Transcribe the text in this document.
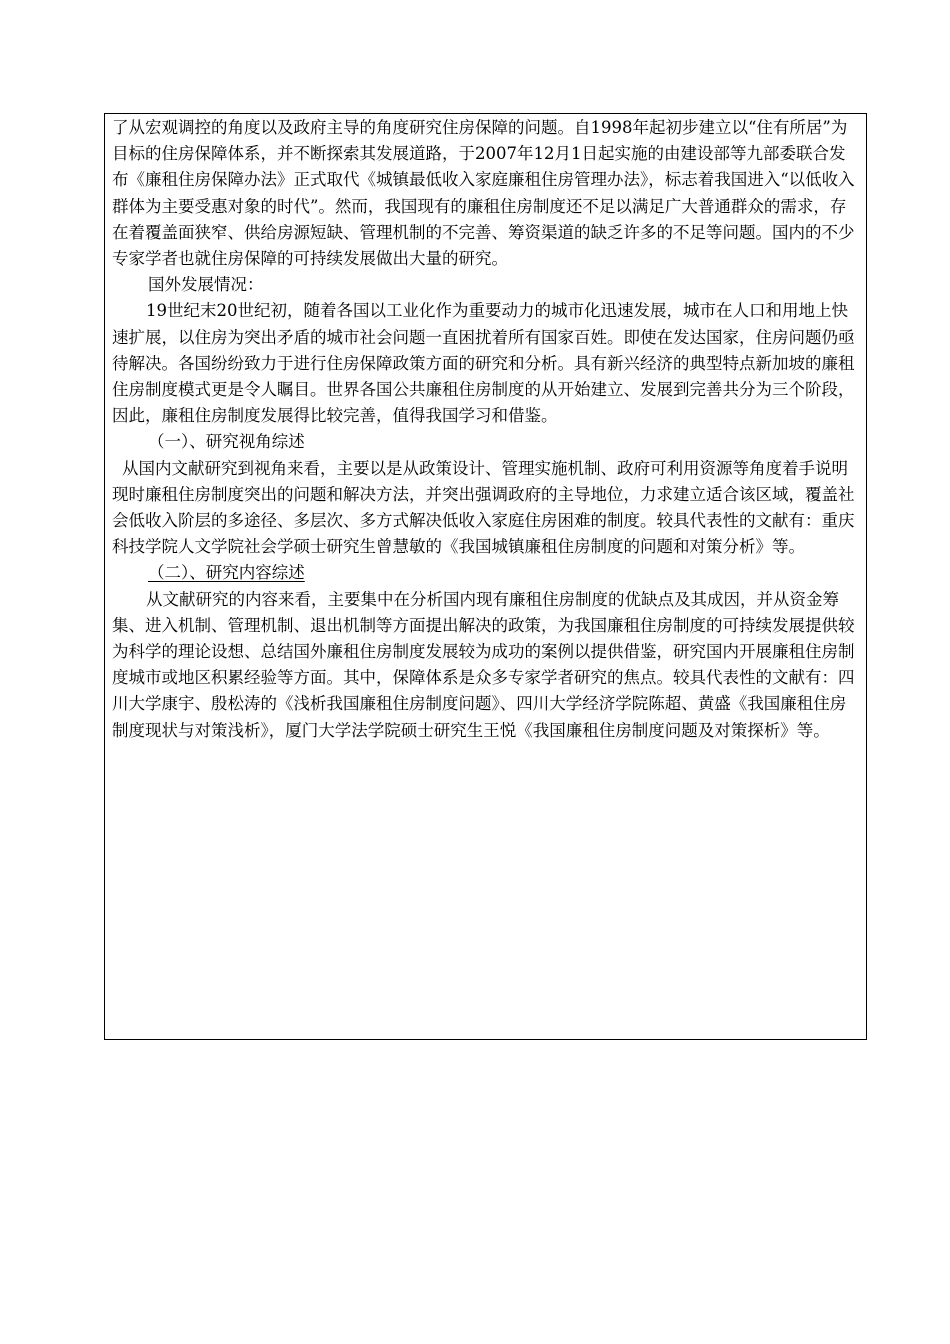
了从宏观调控的角度以及政府主导的角度研究住房保障的问题。自1998年起初步建立以“住有所居”为目标的住房保障体系，并不断探索其发展道路，于2007年12月1日起实施的由建设部等九部委联合发布《廉租住房保障办法》正式取代《城镇最低收入家庭廉租住房管理办法》，标志着我国进入“以低收入群体为主要受惠对象的时代”。然而，我国现有的廉租住房制度还不足以满足广大普通群众的需求，存在着覆盖面狭窄、供给房源短缺、管理机制的不完善、筹资渠道的缺乏许多的不足等问题。国内的不少专家学者也就住房保障的可持续发展做出大量的研究。

国外发展情况：

19世纪末20世纪初，随着各国以工业化作为重要动力的城市化迅速发展，城市在人口和用地上快速扩展，以住房为突出矛盾的城市社会问题一直困扰着所有国家百姓。即使在发达国家，住房问题仍亟待解决。各国纷纷致力于进行住房保障政策方面的研究和分析。具有新兴经济的典型特点新加坡的廉租住房制度模式更是令人瞩目。世界各国公共廉租住房制度的从开始建立、发展到完善共分为三个阶段，因此，廉租住房制度发展得比较完善，值得我国学习和借鉴。

（一）、研究视角综述

从国内文献研究到视角来看，主要以是从政策设计、管理实施机制、政府可利用资源等角度着手说明现时廉租住房制度突出的问题和解决方法，并突出强调政府的主导地位，力求建立适合该区域，覆盖社会低收入阶层的多途径、多层次、多方式解决低收入家庭住房困难的制度。较具代表性的文献有：重庆科技学院人文学院社会学硕士研究生曾慧敏的《我国城镇廉租住房制度的问题和对策分析》等。

（二）、研究内容综述

从文献研究的内容来看，主要集中在分析国内现有廉租住房制度的优缺点及其成因，并从资金筹集、进入机制、管理机制、退出机制等方面提出解决的政策，为我国廉租住房制度的可持续发展提供较为科学的理论设想、总结国外廉租住房制度发展较为成功的案例以提供借鉴，研究国内开展廉租住房制度城市或地区积累经验等方面。其中，保障体系是众多专家学者研究的焦点。较具代表性的文献有：四川大学康宇、殷松涛的《浅析我国廉租住房制度问题》、四川大学经济学院陈超、黄盛《我国廉租住房制度现状与对策浅析》，厦门大学法学院硕士研究生王悦《我国廉租住房制度问题及对策探析》等。
